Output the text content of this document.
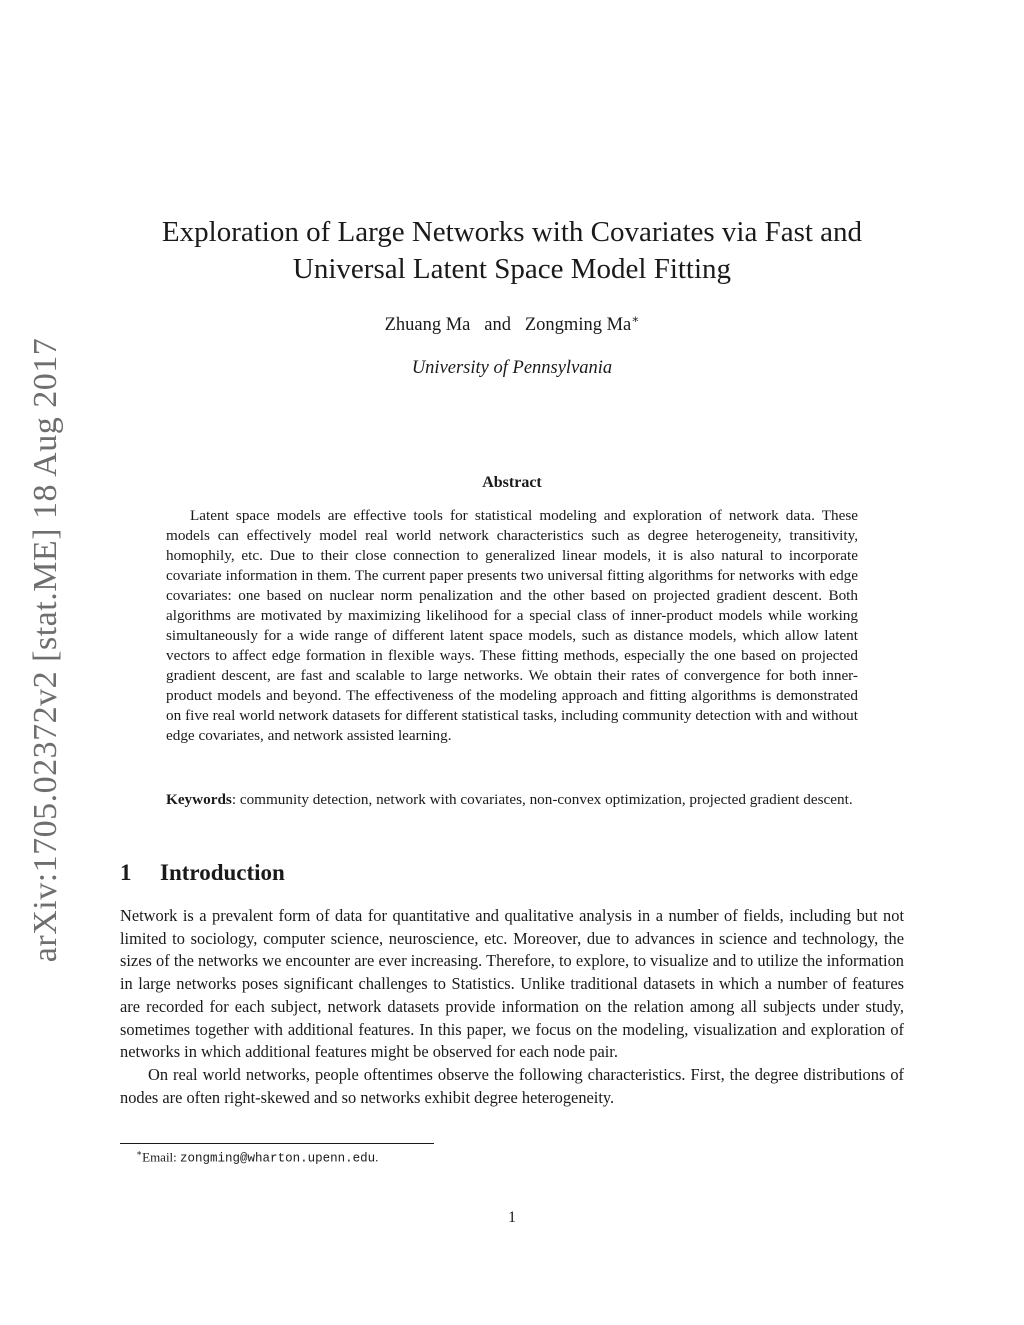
arXiv:1705.02372v2 [stat.ME] 18 Aug 2017
Exploration of Large Networks with Covariates via Fast and
Universal Latent Space Model Fitting
Zhuang Ma and Zongming Ma∗
University of Pennsylvania
Abstract
Latent space models are effective tools for statistical modeling and exploration of network data. These models can effectively model real world network characteristics such as degree heterogeneity, transitivity, homophily, etc. Due to their close connection to generalized linear models, it is also natural to incorporate covariate information in them. The current paper presents two universal fitting algorithms for networks with edge covariates: one based on nuclear norm penalization and the other based on projected gradient descent. Both algorithms are motivated by maximizing likelihood for a special class of inner-product models while working simultaneously for a wide range of different latent space models, such as distance models, which allow latent vectors to affect edge formation in flexible ways. These fitting methods, especially the one based on projected gradient descent, are fast and scalable to large networks. We obtain their rates of convergence for both inner-product models and beyond. The effectiveness of the modeling approach and fitting algorithms is demonstrated on five real world network datasets for different statistical tasks, including community detection with and without edge covariates, and network assisted learning.
Keywords: community detection, network with covariates, non-convex optimization, projected gradient descent.
1 Introduction

Network is a prevalent form of data for quantitative and qualitative analysis in a number of fields, including but not limited to sociology, computer science, neuroscience, etc. Moreover, due to advances in science and technology, the sizes of the networks we encounter are ever increasing. Therefore, to explore, to visualize and to utilize the information in large networks poses significant challenges to Statistics. Unlike traditional datasets in which a number of features are recorded for each subject, network datasets provide information on the relation among all subjects under study, sometimes together with additional features. In this paper, we focus on the modeling, visualization and exploration of networks in which additional features might be observed for each node pair.

On real world networks, people oftentimes observe the following characteristics. First, the degree distributions of nodes are often right-skewed and so networks exhibit degree heterogeneity.

∗Email: zongming@wharton.upenn.edu.
1
